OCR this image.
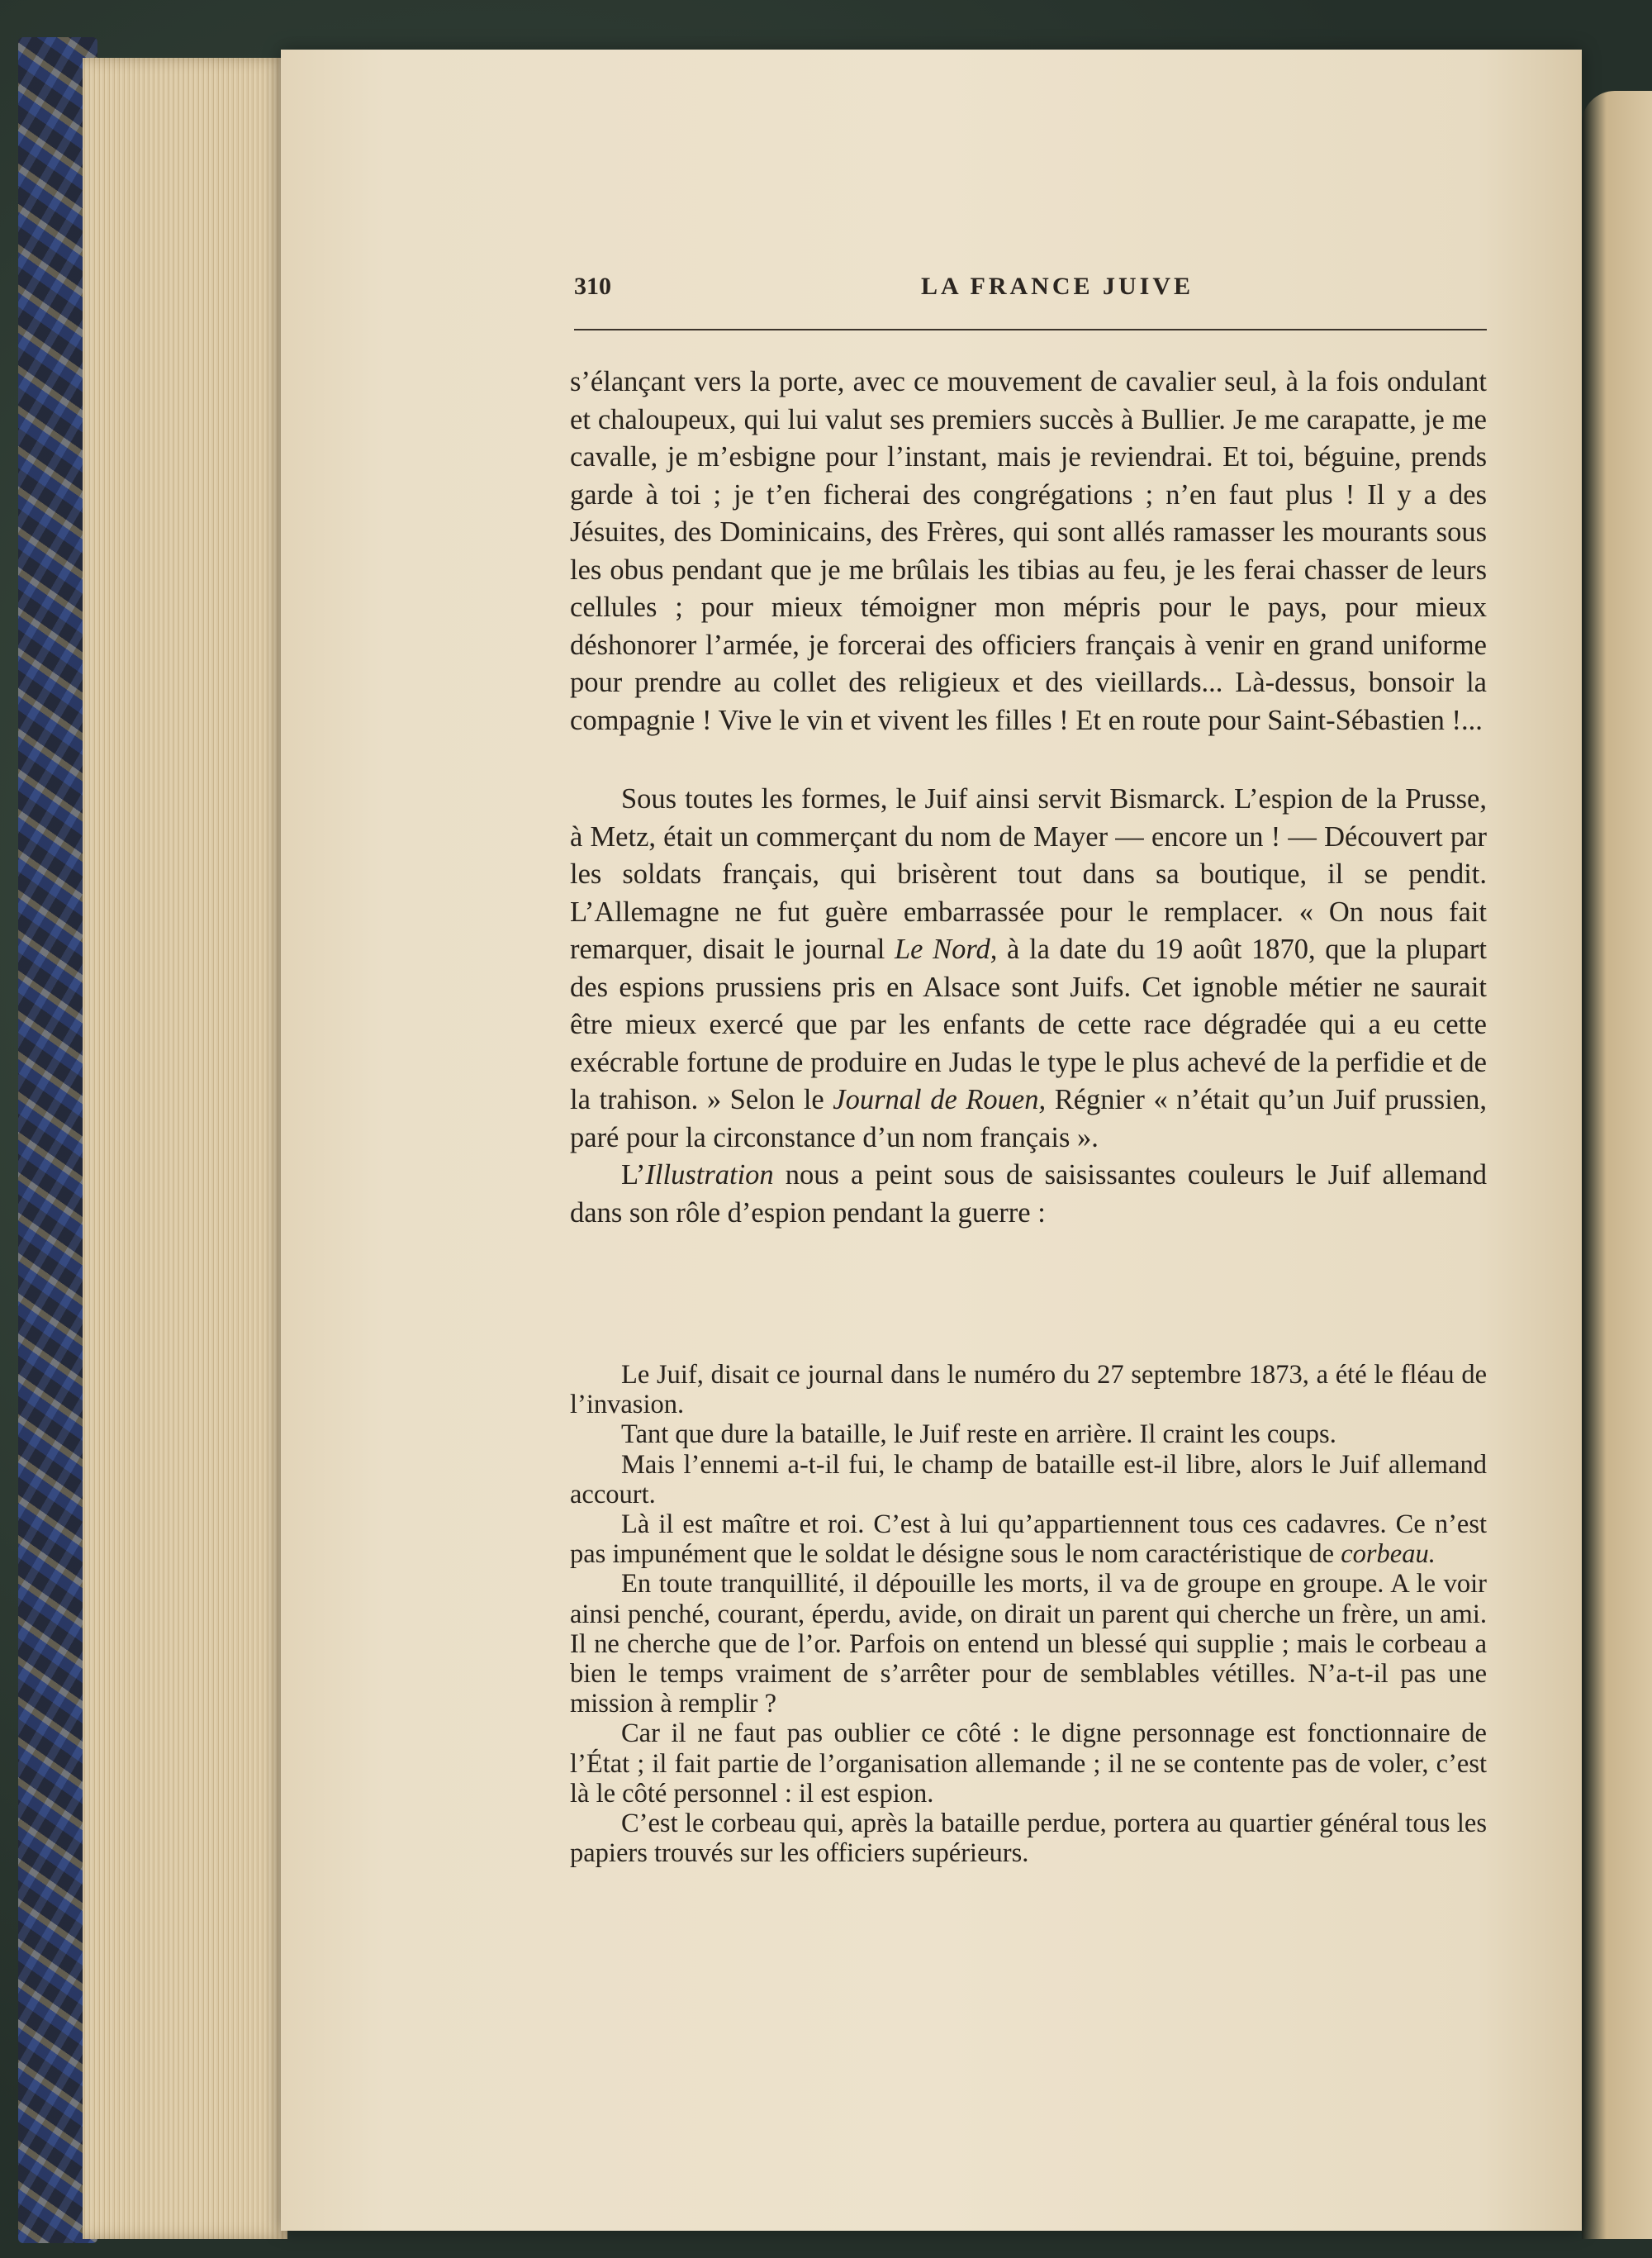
310	LA FRANCE JUIVE

s’élançant vers la porte, avec ce mouvement de cavalier seul, à la fois ondulant et chaloupeux, qui lui valut ses premiers succès à Bullier. Je me carapatte, je me cavalle, je m’esbigne pour l’instant, mais je reviendrai. Et toi, béguine, prends garde à toi ; je t’en ficherai des congrégations ; n’en faut plus ! Il y a des Jésuites, des Dominicains, des Frères, qui sont allés ramasser les mourants sous les obus pendant que je me brûlais les tibias au feu, je les ferai chasser de leurs cellules ; pour mieux témoigner mon mépris pour le pays, pour mieux déshonorer l’armée, je forcerai des officiers français à venir en grand uniforme pour prendre au collet des religieux et des vieillards... Là-dessus, bonsoir la compagnie ! Vive le vin et vivent les filles ! Et en route pour Saint-Sébastien !...

Sous toutes les formes, le Juif ainsi servit Bismarck. L’espion de la Prusse, à Metz, était un commerçant du nom de Mayer — encore un ! — Découvert par les soldats français, qui brisèrent tout dans sa boutique, il se pendit. L’Allemagne ne fut guère embarrassée pour le remplacer. « On nous fait remarquer, disait le journal Le Nord, à la date du 19 août 1870, que la plupart des espions prussiens pris en Alsace sont Juifs. Cet ignoble métier ne saurait être mieux exercé que par les enfants de cette race dégradée qui a eu cette exécrable fortune de produire en Judas le type le plus achevé de la perfidie et de la trahison. » Selon le Journal de Rouen, Régnier « n’était qu’un Juif prussien, paré pour la circonstance d’un nom français ».

L’Illustration nous a peint sous de saisissantes couleurs le Juif allemand dans son rôle d’espion pendant la guerre :

Le Juif, disait ce journal dans le numéro du 27 septembre 1873, a été le fléau de l’invasion.

Tant que dure la bataille, le Juif reste en arrière. Il craint les coups.

Mais l’ennemi a-t-il fui, le champ de bataille est-il libre, alors le Juif allemand accourt.

Là il est maître et roi. C’est à lui qu’appartiennent tous ces cadavres. Ce n’est pas impunément que le soldat le désigne sous le nom caractéristique de corbeau.

En toute tranquillité, il dépouille les morts, il va de groupe en groupe. A le voir ainsi penché, courant, éperdu, avide, on dirait un parent qui cherche un frère, un ami. Il ne cherche que de l’or. Parfois on entend un blessé qui supplie ; mais le corbeau a bien le temps vraiment de s’arrêter pour de semblables vétilles. N’a-t-il pas une mission à remplir ?

Car il ne faut pas oublier ce côté : le digne personnage est fonctionnaire de l’État ; il fait partie de l’organisation allemande ; il ne se contente pas de voler, c’est là le côté personnel : il est espion.

C’est le corbeau qui, après la bataille perdue, portera au quartier général tous les papiers trouvés sur les officiers supérieurs.
